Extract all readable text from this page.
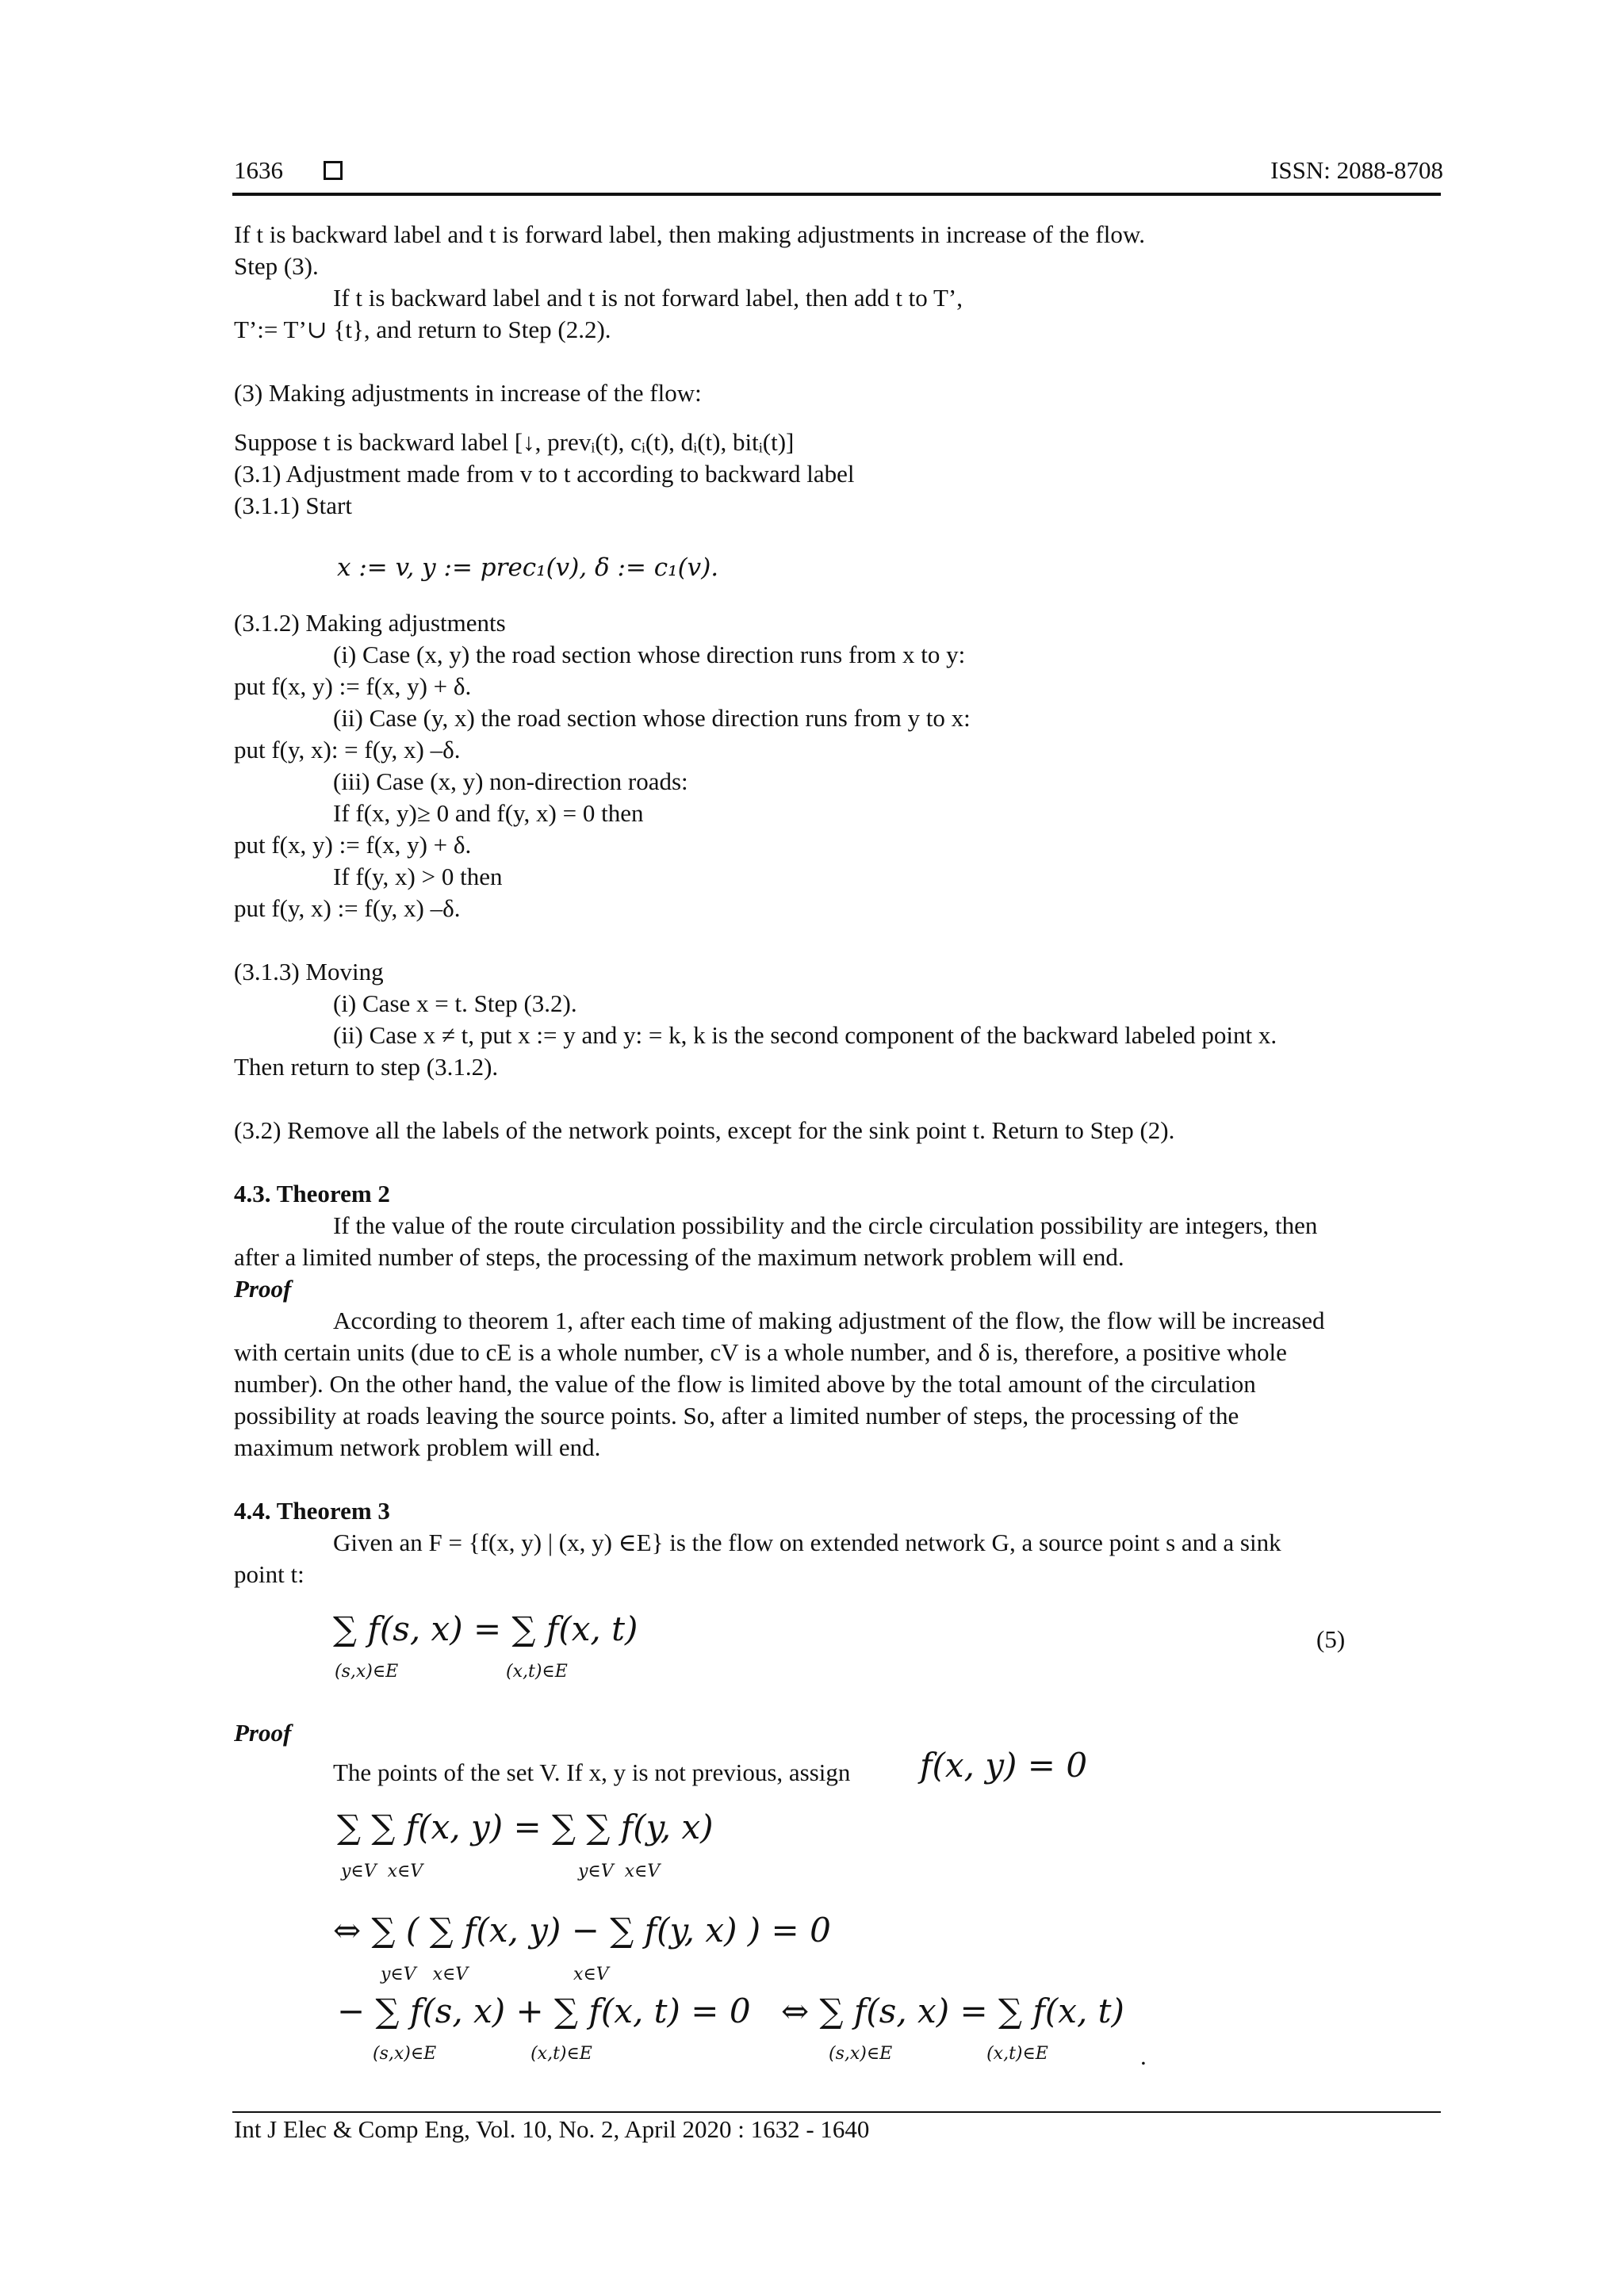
1636	ISSN: 2088-8708
If t is backward label and t is forward label, then making adjustments in increase of the flow.
Step (3).
If t is backward label and t is not forward label, then add t to T’,
T’:= T’∪ {t}, and return to Step (2.2).
(3) Making adjustments in increase of the flow:
Suppose t is backward label [↓, prevᵢ(t), cᵢ(t), dᵢ(t), bitᵢ(t)]
(3.1) Adjustment made from v to t according to backward label
(3.1.1) Start
x := v, y := prec₁(v), δ := c₁(v).
(3.1.2) Making adjustments
(i) Case (x, y) the road section whose direction runs from x to y:
put f(x, y) := f(x, y) + δ.
(ii) Case (y, x) the road section whose direction runs from y to x:
put f(y, x): = f(y, x) –δ.
(iii) Case (x, y) non-direction roads:
If f(x, y)≥ 0 and f(y, x) = 0 then
put f(x, y) := f(x, y) + δ.
If f(y, x) > 0 then
put f(y, x) := f(y, x) –δ.
(3.1.3) Moving
(i) Case x = t. Step (3.2).
(ii) Case x ≠ t, put x := y and y: = k, k is the second component of the backward labeled point x.
Then return to step (3.1.2).
(3.2) Remove all the labels of the network points, except for the sink point t. Return to Step (2).
4.3. Theorem 2
If the value of the route circulation possibility and the circle circulation possibility are integers, then
after a limited number of steps, the processing of the maximum network problem will end.
Proof
According to theorem 1, after each time of making adjustment of the flow, the flow will be increased
with certain units (due to cE is a whole number, cV is a whole number, and δ is, therefore, a positive whole
number). On the other hand, the value of the flow is limited above by the total amount of the circulation
possibility at roads leaving the source points. So, after a limited number of steps, the processing of the
maximum network problem will end.
4.4. Theorem 3
Given an F = {f(x, y) | (x, y) ∈E} is the flow on extended network G, a source point s and a sink
point t:
∑ f(s, x) = ∑ f(x, t)
(s,x)∈E	(x,t)∈E
(5)
Proof
The points of the set V. If x, y is not previous, assign f(x, y) = 0
∑ ∑ f(x, y) = ∑ ∑ f(y, x)
y∈V  x∈V                            y∈V  x∈V
⇔ ∑ ( ∑ f(x, y) − ∑ f(y, x) ) = 0
y∈V   x∈V                   x∈V
− ∑ f(s, x) + ∑ f(x, t) = 0
(s,x)∈E                 (x,t)∈E
⇔ ∑ f(s, x) = ∑ f(x, t)
(s,x)∈E                 (x,t)∈E	.
Int J Elec & Comp Eng, Vol. 10, No. 2, April 2020 : 1632 - 1640
